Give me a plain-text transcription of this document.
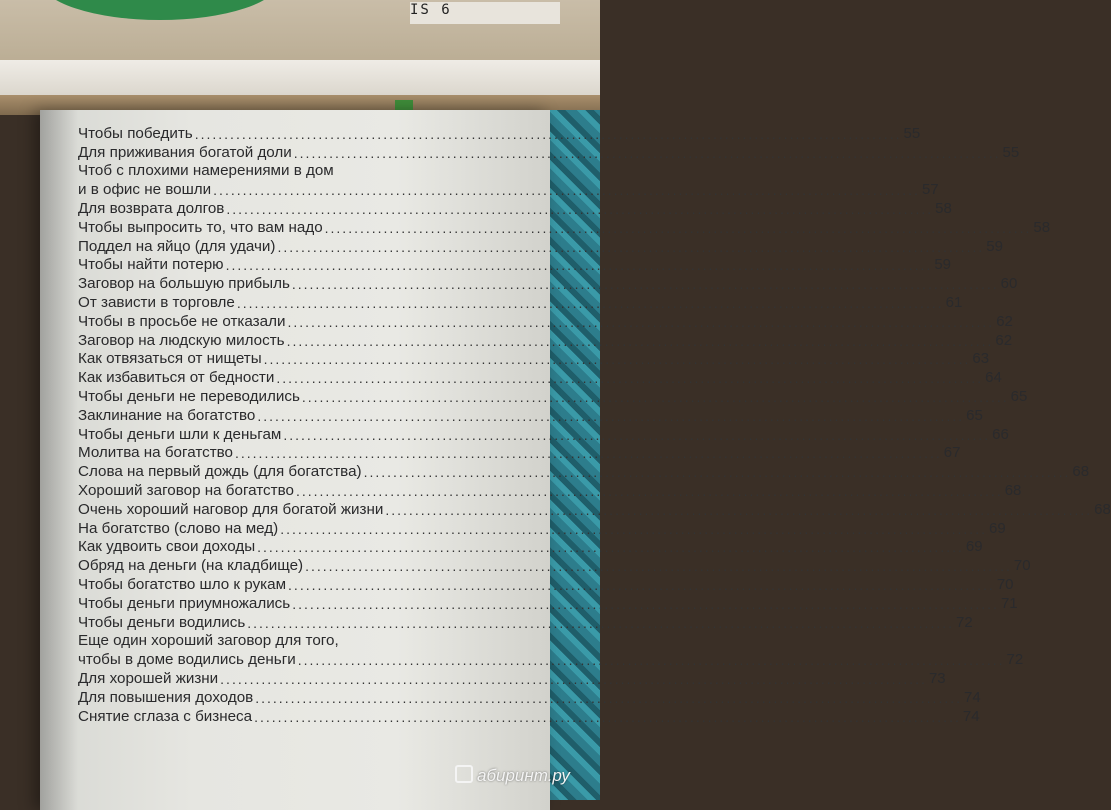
IS 6
Чтобы победить ........................................................................................................................ 55
Для приживания богатой доли ........................................................................................................................ 55
Чтоб с плохими намерениями в дом
и в офис не вошли ........................................................................................................................ 57
Для возврата долгов ........................................................................................................................ 58
Чтобы выпросить то, что вам надо ........................................................................................................................ 58
Поддел на яйцо (для удачи) ........................................................................................................................ 59
Чтобы найти потерю ........................................................................................................................ 59
Заговор на большую прибыль ........................................................................................................................ 60
От зависти в торговле ........................................................................................................................ 61
Чтобы в просьбе не отказали ........................................................................................................................ 62
Заговор на людскую милость ........................................................................................................................ 62
Как отвязаться от нищеты ........................................................................................................................ 63
Как избавиться от бедности ........................................................................................................................ 64
Чтобы деньги не переводились ........................................................................................................................ 65
Заклинание на богатство ........................................................................................................................ 65
Чтобы деньги шли к деньгам ........................................................................................................................ 66
Молитва на богатство ........................................................................................................................ 67
Слова на первый дождь (для богатства) ........................................................................................................................ 68
Хороший заговор на богатство ........................................................................................................................ 68
Очень хороший наговор для богатой жизни ........................................................................................................................ 68
На богатство (слово на мед) ........................................................................................................................ 69
Как удвоить свои доходы ........................................................................................................................ 69
Обряд на деньги (на кладбище) ........................................................................................................................ 70
Чтобы богатство шло к рукам ........................................................................................................................ 70
Чтобы деньги приумножались ........................................................................................................................ 71
Чтобы деньги водились ........................................................................................................................ 72
Еще один хороший заговор для того,
чтобы в доме водились деньги ........................................................................................................................ 72
Для хорошей жизни ........................................................................................................................ 73
Для повышения доходов ........................................................................................................................ 74
Снятие сглаза с бизнеса ........................................................................................................................ 74
абиринт.ру
